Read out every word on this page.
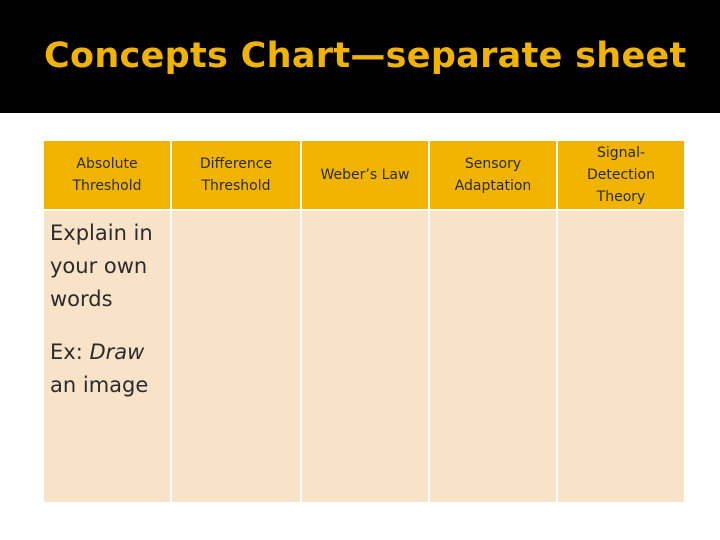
Concepts Chart—separate sheet
Absolute Threshold	Difference Threshold	Weber’s Law	Sensory Adaptation	Signal-Detection Theory

Explain in your own words

Ex: Draw an image				
